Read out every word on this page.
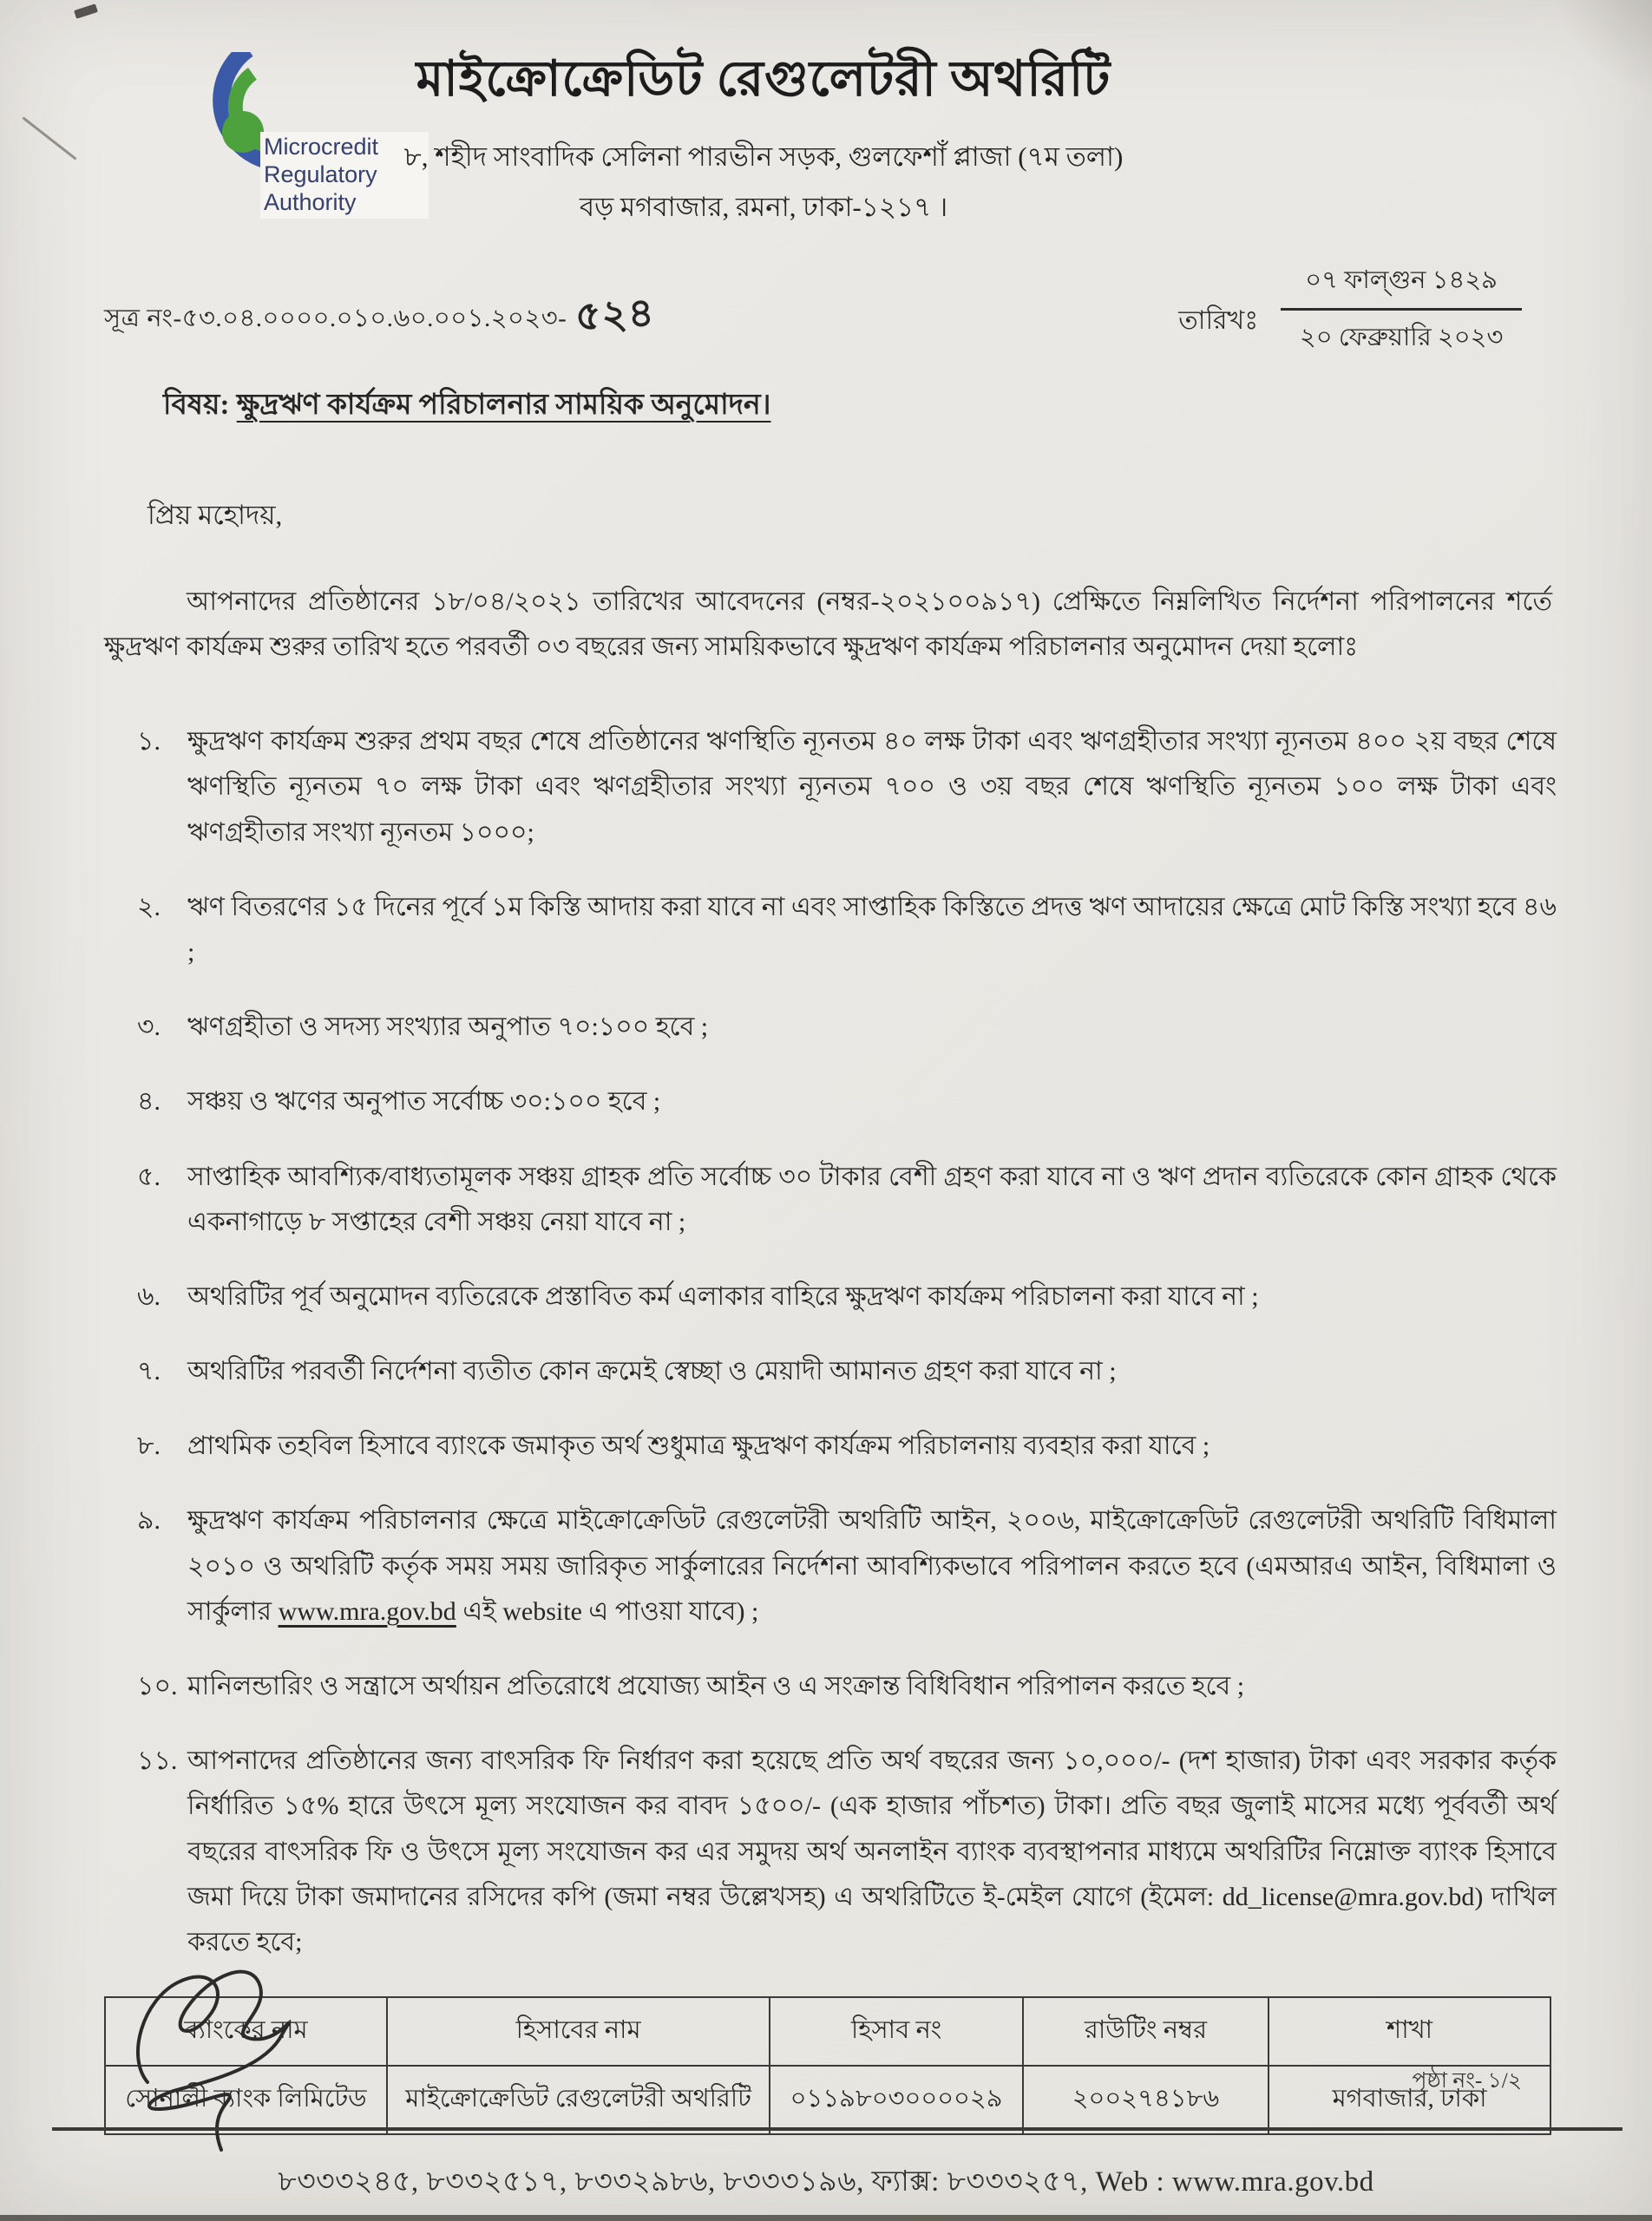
Microcredit
Regulatory
Authority
মাইক্রোক্রেডিট রেগুলেটরী অথরিটি
৮, শহীদ সাংবাদিক সেলিনা পারভীন সড়ক, গুলফেশাঁ প্লাজা (৭ম তলা)
বড় মগবাজার, রমনা, ঢাকা-১২১৭ ।
সূত্র নং-৫৩.০৪.০০০০.০১০.৬০.০০১.২০২৩- ৫২৪	তারিখঃ $\frac{\text{০৭ ফাল্গুন ১৪২৯}}{\text{২০ ফেব্রুয়ারি ২০২৩}}$
বিষয়: ক্ষুদ্রঋণ কার্যক্রম পরিচালনার সাময়িক অনুমোদন।
প্রিয় মহোদয়,
আপনাদের প্রতিষ্ঠানের ১৮/০৪/২০২১ তারিখের আবেদনের (নম্বর-২০২১০০৯১৭) প্রেক্ষিতে নিম্নলিখিত নির্দেশনা পরিপালনের শর্তে ক্ষুদ্রঋণ কার্যক্রম শুরুর তারিখ হতে পরবর্তী ০৩ বছরের জন্য সাময়িকভাবে ক্ষুদ্রঋণ কার্যক্রম পরিচালনার অনুমোদন দেয়া হলোঃ
১.	ক্ষুদ্রঋণ কার্যক্রম শুরুর প্রথম বছর শেষে প্রতিষ্ঠানের ঋণস্থিতি ন্যূনতম ৪০ লক্ষ টাকা এবং ঋণগ্রহীতার সংখ্যা ন্যূনতম ৪০০ ২য় বছর শেষে ঋণস্থিতি ন্যূনতম ৭০ লক্ষ টাকা এবং ঋণগ্রহীতার সংখ্যা ন্যূনতম ৭০০ ও ৩য় বছর শেষে ঋণস্থিতি ন্যূনতম ১০০ লক্ষ টাকা এবং ঋণগ্রহীতার সংখ্যা ন্যূনতম ১০০০;
২.	ঋণ বিতরণের ১৫ দিনের পূর্বে ১ম কিস্তি আদায় করা যাবে না এবং সাপ্তাহিক কিস্তিতে প্রদত্ত ঋণ আদায়ের ক্ষেত্রে মোট কিস্তি সংখ্যা হবে ৪৬ ;
৩.	ঋণগ্রহীতা ও সদস্য সংখ্যার অনুপাত ৭০:১০০ হবে ;
৪.	সঞ্চয় ও ঋণের অনুপাত সর্বোচ্চ ৩০:১০০ হবে ;
৫.	সাপ্তাহিক আবশ্যিক/বাধ্যতামূলক সঞ্চয় গ্রাহক প্রতি সর্বোচ্চ ৩০ টাকার বেশী গ্রহণ করা যাবে না ও ঋণ প্রদান ব্যতিরেকে কোন গ্রাহক থেকে একনাগাড়ে ৮ সপ্তাহের বেশী সঞ্চয় নেয়া যাবে না ;
৬.	অথরিটির পূর্ব অনুমোদন ব্যতিরেকে প্রস্তাবিত কর্ম এলাকার বাহিরে ক্ষুদ্রঋণ কার্যক্রম পরিচালনা করা যাবে না ;
৭.	অথরিটির পরবর্তী নির্দেশনা ব্যতীত কোন ক্রমেই স্বেচ্ছা ও মেয়াদী আমানত গ্রহণ করা যাবে না ;
৮.	প্রাথমিক তহবিল হিসাবে ব্যাংকে জমাকৃত অর্থ শুধুমাত্র ক্ষুদ্রঋণ কার্যক্রম পরিচালনায় ব্যবহার করা যাবে ;
৯.	ক্ষুদ্রঋণ কার্যক্রম পরিচালনার ক্ষেত্রে মাইক্রোক্রেডিট রেগুলেটরী অথরিটি আইন, ২০০৬, মাইক্রোক্রেডিট রেগুলেটরী অথরিটি বিধিমালা ২০১০ ও অথরিটি কর্তৃক সময় সময় জারিকৃত সার্কুলারের নির্দেশনা আবশ্যিকভাবে পরিপালন করতে হবে (এমআরএ আইন, বিধিমালা ও সার্কুলার www.mra.gov.bd এই website এ পাওয়া যাবে) ;
১০. মানিলন্ডারিং ও সন্ত্রাসে অর্থায়ন প্রতিরোধে প্রযোজ্য আইন ও এ সংক্রান্ত বিধিবিধান পরিপালন করতে হবে ;
১১. আপনাদের প্রতিষ্ঠানের জন্য বাৎসরিক ফি নির্ধারণ করা হয়েছে প্রতি অর্থ বছরের জন্য ১০,০০০/- (দশ হাজার) টাকা এবং সরকার কর্তৃক নির্ধারিত ১৫% হারে উৎসে মূল্য সংযোজন কর বাবদ ১৫০০/- (এক হাজার পাঁচশত) টাকা। প্রতি বছর জুলাই মাসের মধ্যে পূর্ববর্তী অর্থ বছরের বাৎসরিক ফি ও উৎসে মূল্য সংযোজন কর এর সমুদয় অর্থ অনলাইন ব্যাংক ব্যবস্থাপনার মাধ্যমে অথরিটির নিম্নোক্ত ব্যাংক হিসাবে জমা দিয়ে টাকা জমাদানের রসিদের কপি (জমা নম্বর উল্লেখসহ) এ অথরিটিতে ই-মেইল যোগে (ইমেল: dd_license@mra.gov.bd) দাখিল করতে হবে;
ব্যাংকের নাম	হিসাবের নাম	হিসাব নং	রাউটিং নম্বর	শাখা
সোনালী ব্যাংক লিমিটেড	মাইক্রোক্রেডিট রেগুলেটরী অথরিটি	০১১৯৮০৩০০০০২৯	২০০২৭৪১৮৬	মগবাজার, ঢাকা
পৃষ্ঠা নং- ১/২
৮৩৩৩২৪৫, ৮৩৩২৫১৭, ৮৩৩২৯৮৬, ৮৩৩৩১৯৬, ফ্যাক্স: ৮৩৩৩২৫৭, Web : www.mra.gov.bd
